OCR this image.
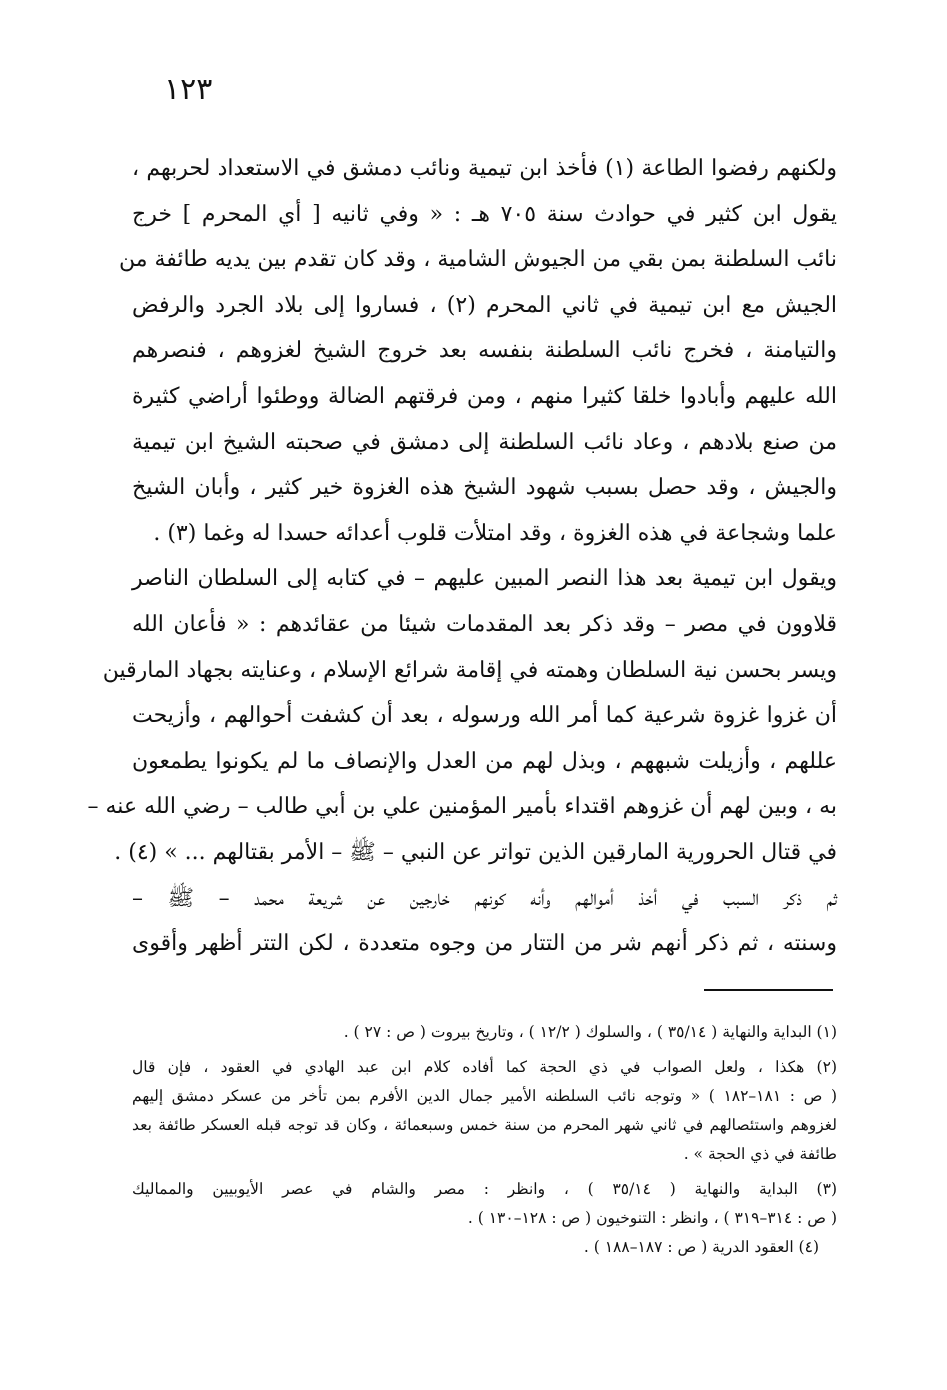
١٢٣
ولكنهم رفضوا الطاعة (١) فأخذ ابن تيمية ونائب دمشق في الاستعداد لحربهم ،
يقول ابن كثير في حوادث سنة ٧٠٥ هـ : « وفي ثانيه [ أي المحرم ] خرج
نائب السلطنة بمن بقي من الجيوش الشامية ، وقد كان تقدم بين يديه طائفة من
الجيش مع ابن تيمية في ثاني المحرم (٢) ، فساروا إلى بلاد الجرد والرفض
والتيامنة ، فخرج نائب السلطنة بنفسه بعد خروج الشيخ لغزوهم ، فنصرهم
الله عليهم وأبادوا خلقا كثيرا منهم ، ومن فرقتهم الضالة ووطئوا أراضي كثيرة
من صنع بلادهم ، وعاد نائب السلطنة إلى دمشق في صحبته الشيخ ابن تيمية
والجيش ، وقد حصل بسبب شهود الشيخ هذه الغزوة خير كثير ، وأبان الشيخ
علما وشجاعة في هذه الغزوة ، وقد امتلأت قلوب أعدائه حسدا له وغما (٣) .
ويقول ابن تيمية بعد هذا النصر المبين عليهم – في كتابه إلى السلطان الناصر
قلاوون في مصر – وقد ذكر بعد المقدمات شيئا من عقائدهم : « فأعان الله
ويسر بحسن نية السلطان وهمته في إقامة شرائع الإسلام ، وعنايته بجهاد المارقين
أن غزوا غزوة شرعية كما أمر الله ورسوله ، بعد أن كشفت أحوالهم ، وأزيحت
عللهم ، وأزيلت شبههم ، وبذل لهم من العدل والإنصاف ما لم يكونوا يطمعون
به ، وبين لهم أن غزوهم اقتداء بأمير المؤمنين علي بن أبي طالب – رضي الله عنه –
في قتال الحرورية المارقين الذين تواتر عن النبي – ﷺ – الأمر بقتالهم ... » (٤) .
ثم ذكر السبب في أخذ أموالهم وأنه كونهم خارجين عن شريعة محمد – ﷺ –
وسنته ، ثم ذكر أنهم شر من التتار من وجوه متعددة ، لكن التتر أظهر وأقوى
(١) البداية والنهاية ( ٣٥/١٤ ) ، والسلوك ( ١٢/٢ ) ، وتاريخ بيروت ( ص : ٢٧ ) .
(٢) هكذا ، ولعل الصواب في ذي الحجة كما أفاده كلام ابن عبد الهادي في العقود ، فإن قال
( ص : ١٨١–١٨٢ ) « وتوجه نائب السلطنه الأمير جمال الدين الأفرم بمن تأخر من عسكر دمشق إليهم
لغزوهم واستئصالهم في ثاني شهر المحرم من سنة خمس وسبعمائة ، وكان قد توجه قبله العسكر طائفة بعد
طائفة في ذي الحجة » .
(٣) البداية والنهاية ( ٣٥/١٤ ) ، وانظر : مصر والشام في عصر الأيوبيين والمماليك
( ص : ٣١٤–٣١٩ ) ، وانظر : التنوخيون ( ص : ١٢٨–١٣٠ ) .
(٤) العقود الدرية ( ص : ١٨٧–١٨٨ ) .
